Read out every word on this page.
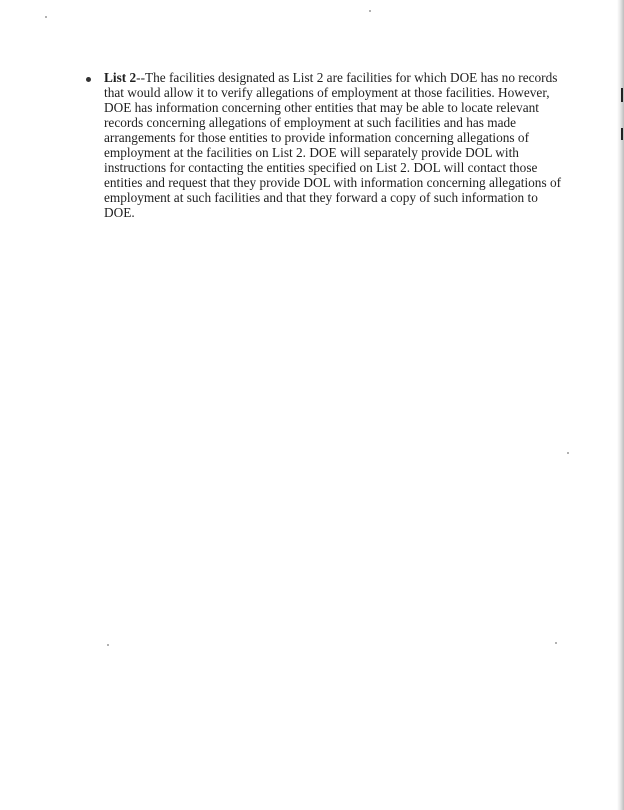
List 2--The facilities designated as List 2 are facilities for which DOE has no records
that would allow it to verify allegations of employment at those facilities. However,
DOE has information concerning other entities that may be able to locate relevant
records concerning allegations of employment at such facilities and has made
arrangements for those entities to provide information concerning allegations of
employment at the facilities on List 2. DOE will separately provide DOL with
instructions for contacting the entities specified on List 2. DOL will contact those
entities and request that they provide DOL with information concerning allegations of
employment at such facilities and that they forward a copy of such information to
DOE.
